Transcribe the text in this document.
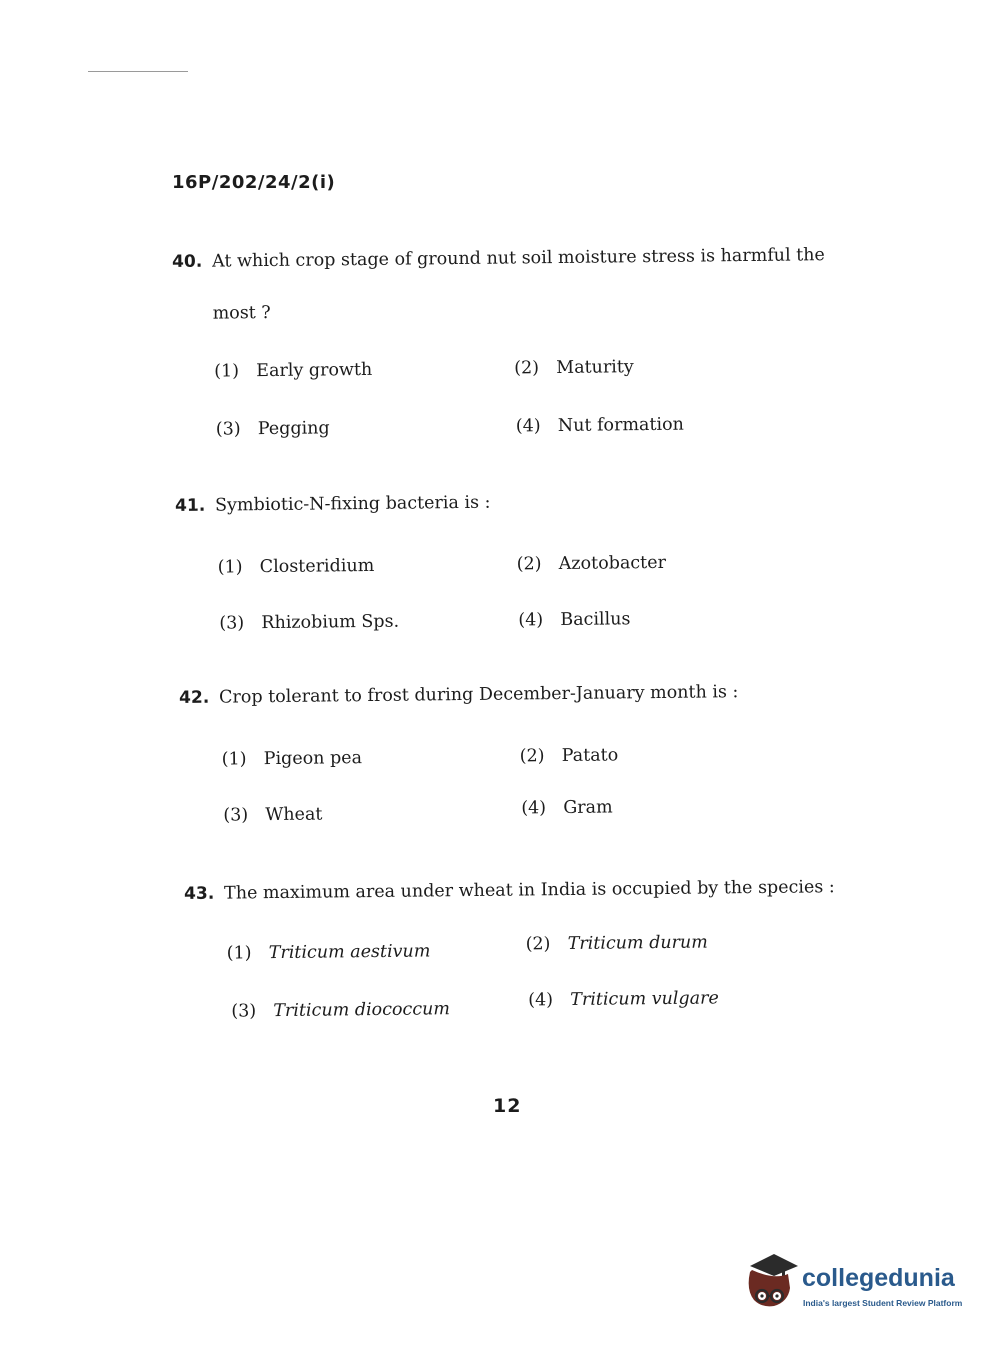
16P/202/24/2(i)
40. At which crop stage of ground nut soil moisture stress is harmful the
most ?
(1) Early growth	(2) Maturity
(3) Pegging	(4) Nut formation
41. Symbiotic-N-fixing bacteria is :
(1) Closteridium	(2) Azotobacter
(3) Rhizobium Sps.	(4) Bacillus
42. Crop tolerant to frost during December-January month is :
(1) Pigeon pea	(2) Patato
(3) Wheat	(4) Gram
43. The maximum area under wheat in India is occupied by the species :
(1) Triticum aestivum	(2) Triticum durum
(3) Triticum diococcum	(4) Triticum vulgare
12
collegedunia
India's largest Student Review Platform
